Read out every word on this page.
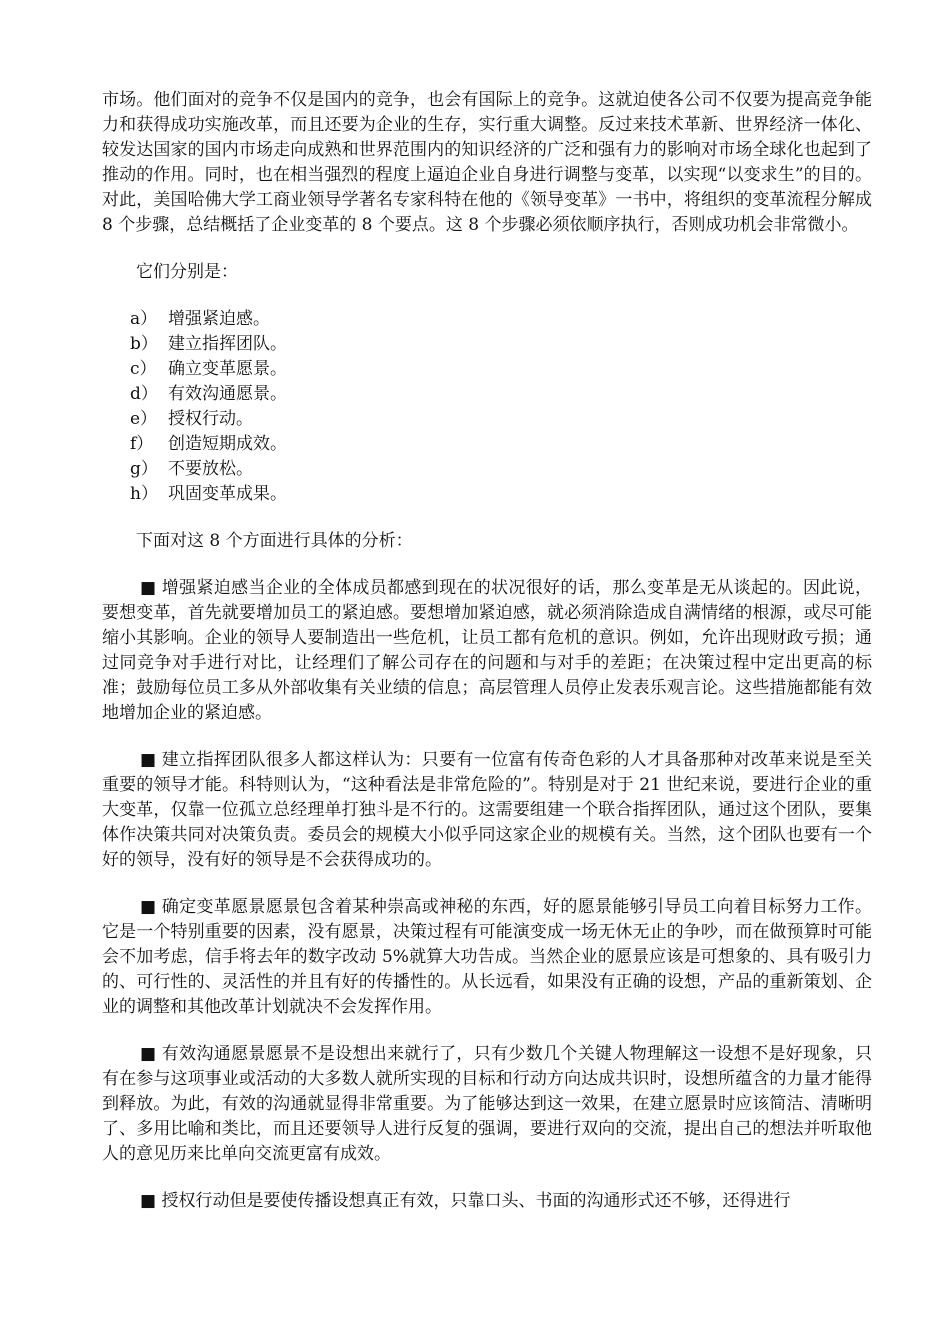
市场。他们面对的竞争不仅是国内的竞争，也会有国际上的竞争。这就迫使各公司不仅要为提高竞争能力和获得成功实施改革，而且还要为企业的生存，实行重大调整。反过来技术革新、世界经济一体化、较发达国家的国内市场走向成熟和世界范围内的知识经济的广泛和强有力的影响对市场全球化也起到了推动的作用。同时，也在相当强烈的程度上逼迫企业自身进行调整与变革，以实现“以变求生”的目的。对此，美国哈佛大学工商业领导学著名专家科特在他的《领导变革》一书中，将组织的变革流程分解成 8 个步骤，总结概括了企业变革的 8 个要点。这 8 个步骤必须依顺序执行，否则成功机会非常微小。

它们分别是：

a） 增强紧迫感。
b） 建立指挥团队。
c） 确立变革愿景。
d） 有效沟通愿景。
e） 授权行动。
f） 创造短期成效。
g） 不要放松。
h） 巩固变革成果。

下面对这 8 个方面进行具体的分析：

■ 增强紧迫感当企业的全体成员都感到现在的状况很好的话，那么变革是无从谈起的。因此说，要想变革，首先就要增加员工的紧迫感。要想增加紧迫感，就必须消除造成自满情绪的根源，或尽可能缩小其影响。企业的领导人要制造出一些危机，让员工都有危机的意识。例如，允许出现财政亏损；通过同竞争对手进行对比，让经理们了解公司存在的问题和与对手的差距；在决策过程中定出更高的标准；鼓励每位员工多从外部收集有关业绩的信息；高层管理人员停止发表乐观言论。这些措施都能有效地增加企业的紧迫感。

■ 建立指挥团队很多人都这样认为：只要有一位富有传奇色彩的人才具备那种对改革来说是至关重要的领导才能。科特则认为，“这种看法是非常危险的”。特别是对于 21 世纪来说，要进行企业的重大变革，仅靠一位孤立总经理单打独斗是不行的。这需要组建一个联合指挥团队，通过这个团队，要集体作决策共同对决策负责。委员会的规模大小似乎同这家企业的规模有关。当然，这个团队也要有一个好的领导，没有好的领导是不会获得成功的。

■ 确定变革愿景愿景包含着某种崇高或神秘的东西，好的愿景能够引导员工向着目标努力工作。它是一个特别重要的因素，没有愿景，决策过程有可能演变成一场无休无止的争吵，而在做预算时可能会不加考虑，信手将去年的数字改动 5%就算大功告成。当然企业的愿景应该是可想象的、具有吸引力的、可行性的、灵活性的并且有好的传播性的。从长远看，如果没有正确的设想，产品的重新策划、企业的调整和其他改革计划就决不会发挥作用。

■ 有效沟通愿景愿景不是设想出来就行了，只有少数几个关键人物理解这一设想不是好现象，只有在参与这项事业或活动的大多数人就所实现的目标和行动方向达成共识时，设想所蕴含的力量才能得到释放。为此，有效的沟通就显得非常重要。为了能够达到这一效果，在建立愿景时应该简洁、清晰明了、多用比喻和类比，而且还要领导人进行反复的强调，要进行双向的交流，提出自己的想法并听取他人的意见历来比单向交流更富有成效。

■ 授权行动但是要使传播设想真正有效，只靠口头、书面的沟通形式还不够，还得进行
